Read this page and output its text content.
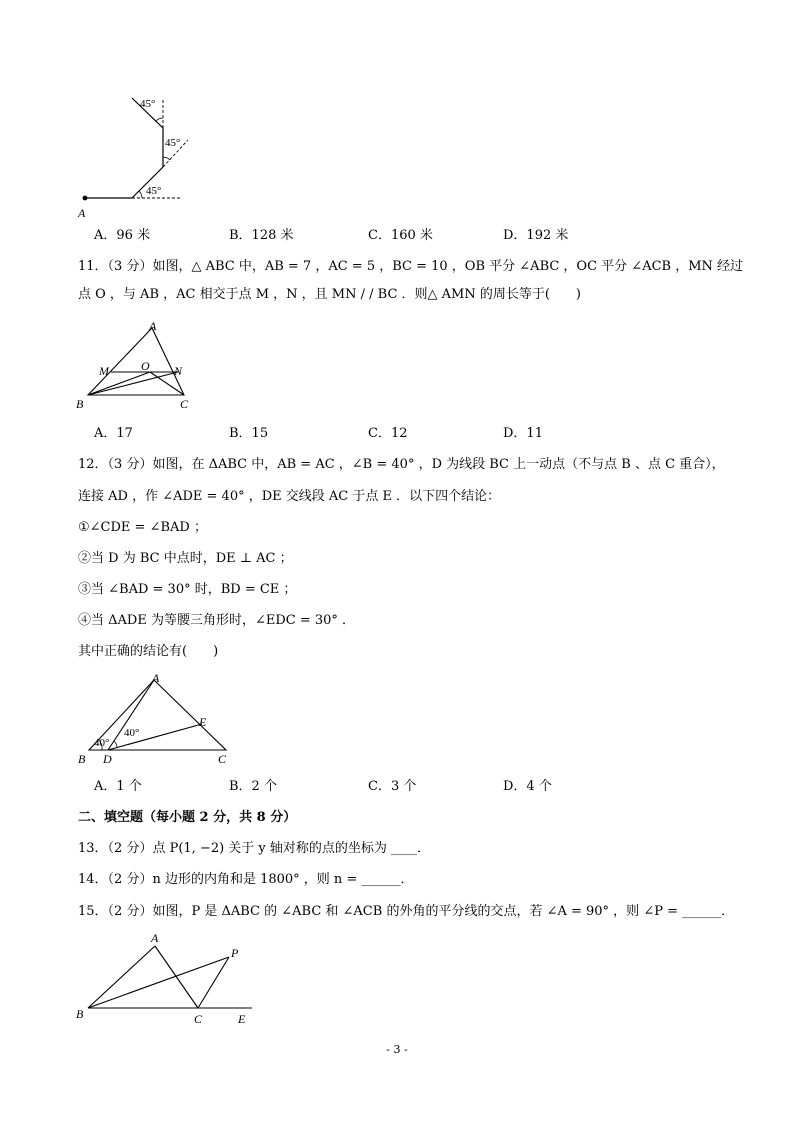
45°
45°
45°
A
A．96 米	B．128 米	C．160 米	D．192 米
11．（3 分）如图，△ ABC 中，AB = 7 ，AC = 5 ，BC = 10 ，OB 平分 ∠ABC ，OC 平分 ∠ACB ，MN 经过
点 O ，与 AB ，AC 相交于点 M ，N ，且 MN / / BC ．则△ AMN 的周长等于(　　)
A
M	O N
B	C
A．17	B．15	C．12	D．11
12．（3 分）如图，在 ΔABC 中，AB = AC ，∠B = 40° ，D 为线段 BC 上一动点（不与点 B 、点 C 重合），
连接 AD ，作 ∠ADE = 40° ，DE 交线段 AC 于点 E ．以下四个结论：
①∠CDE = ∠BAD ；
②当 D 为 BC 中点时，DE ⊥ AC ；
③当 ∠BAD = 30° 时，BD = CE ；
④当 ΔADE 为等腰三角形时，∠EDC = 30° ．
其中正确的结论有(　　)
A
E
40°
40°
B D	C
A．1 个	B．2 个	C．3 个	D．4 个
二、填空题（每小题 2 分，共 8 分）
13．（2 分）点 P(1, −2) 关于 y 轴对称的点的坐标为 ____．
14．（2 分）n 边形的内角和是 1800° ，则 n = ______．
15．（2 分）如图，P 是 ΔABC 的 ∠ABC 和 ∠ACB 的外角的平分线的交点，若 ∠A = 90° ，则 ∠P = ______．
A
P
B	C	E
- 3 -
